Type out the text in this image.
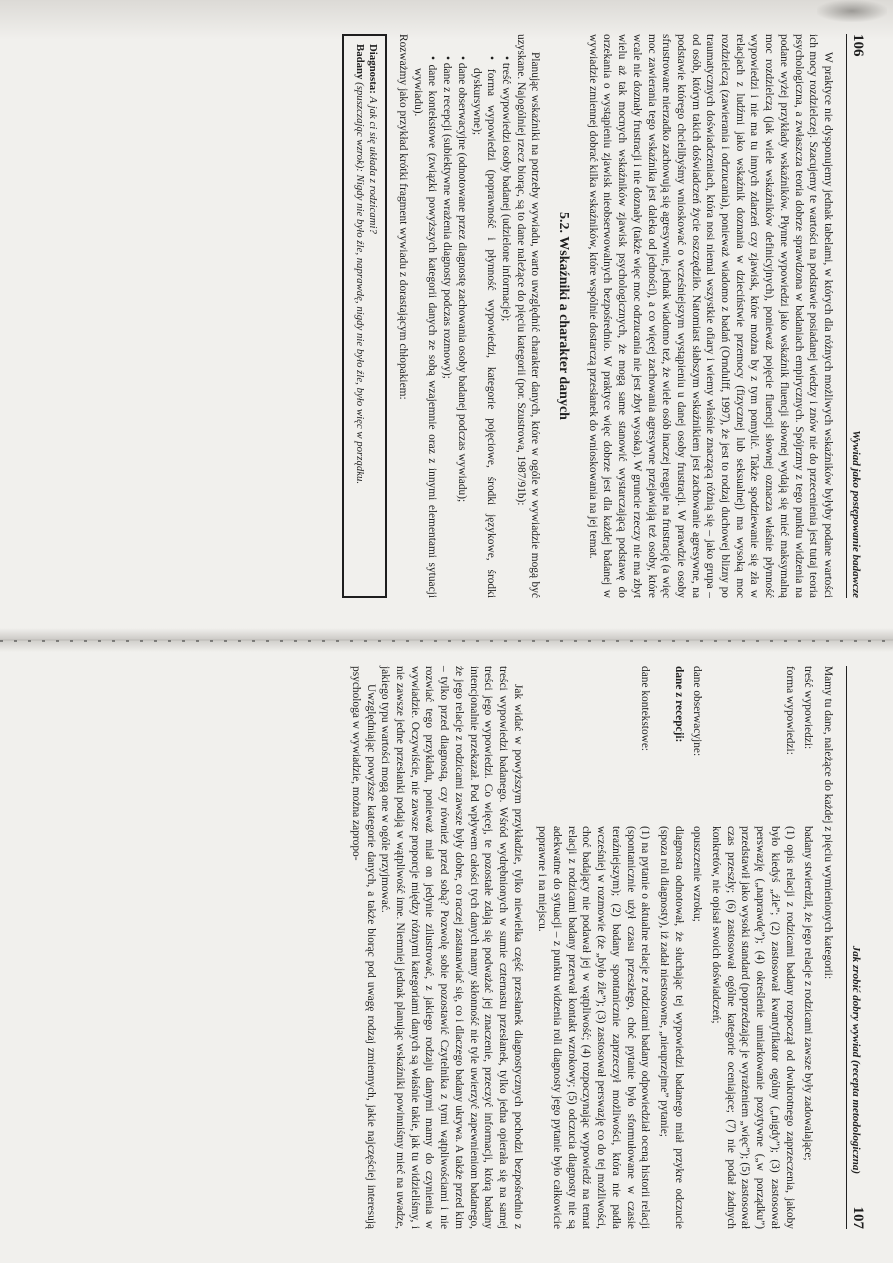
106
Wywiad jako postępowanie badawcze

W praktyce nie dysponujemy jednak tabelami, w których dla różnych możliwych wskaźników byłyby podane wartości ich mocy rozdzielczej. Szacujemy te wartości na podstawie posiadanej wiedzy i znów nie do przecenienia jest tutaj teoria psychologiczna, a zwłaszcza teoria dobrze sprawdzona w badaniach empirycznych. Spójrzmy z tego punktu widzenia na podane wyżej przykłady wskaźników. Płynne wypowiedzi jako wskaźnik fluencji słownej wydają się mieć maksymalną moc rozdzielczą (jak wiele wskaźników definicyjnych), ponieważ pojęcie fluencji słownej oznacza właśnie płynność wypowiedzi i nie ma tu innych zdarzeń czy zjawisk, które można by z tym pomylić. Także spodziewanie się zła w relacjach z ludźmi jako wskaźnik doznania w dzieciństwie przemocy (fizycznej lub seksualnej) ma wysoką moc rozdzielczą (zawierania i odrzucania), ponieważ wiadomo z badań (Orndulff, 1997), że jest to rodzaj duchowej blizny po traumatycznych doświadczeniach, która nosi niemal wszystkie ofiary i wiemy właśnie znaczącą różnią się – jako grupa – od osób, którym takich doświadczeń życie oszczędziło. Natomiast słabszym wskaźnikiem jest zachowanie agresywne, na podstawie którego chcielibyśmy wnioskować o wcześniejszym wystąpieniu u danej osoby frustracji. W prawdzie osoby sfrustrowane nierzadko zachowują się agresywnie, jednak wiadomo też, że wiele osób inaczej reaguje na frustrację (a więc moc zawierania tego wskaźnika jest daleka od jedności), a co więcej zachowania agresywne przejawiają też osoby, które wcale nie doznały frustracji i nie doznały (także więc moc odrzucania nie jest zbyt wysoka). W gruncie rzeczy nie ma zbyt wielu aż tak mocnych wskaźników zjawisk psychologicznych, że mogą same stanowić wystarczającą podstawę do orzekania o wystąpieniu zjawisk nieobserwowalnych bezpośrednio. W praktyce więc dobrze jest dla każdej badanej w wywiadzie zmiennej dobrać kilka wskaźników, które wspólnie dostarczą przesłanek do wnioskowania na jej temat.

5.2. Wskaźniki a charakter danych

Planując wskaźniki na potrzeby wywiadu, warto uwzględnić charakter danych, które w ogóle w wywiadzie mogą być uzyskane. Najogólniej rzecz biorąc, są to dane należące do pięciu kategorii (por. Szustrowa, 1987/91b):

• treść wypowiedzi osoby badanej (udzielone informacje);
• forma wypowiedzi (poprawność i płynność wypowiedzi, kategorie pojęciowe, środki językowe, środki dyskursywne);
• dane obserwacyjne (odnotowane przez diagnostę zachowania osoby badanej podczas wywiadu);
• dane z recepcji (subiektywne wrażenia diagnosty podczas rozmowy);
• dane kontekstowe (związki powyższych kategorii danych ze sobą wzajemnie oraz z innymi elementami sytuacji wywiadu).

Rozważmy jako przykład krótki fragment wywiadu z dorastającym chłopakiem:

Diagnosta: A jak ci się układa z rodzicami?

Badany (spuszczając wzrok): Nigdy nie było źle, naprawdę, nigdy nie było źle, było więc w porządku.

Jak zrobić dobry wywiad (recepta metodologiczna)
107

Mamy tu dane, należące do każdej z pięciu wymienionych kategorii:

treść wypowiedzi:	badany stwierdził, że jego relacje z rodzicami zawsze były zadowalające;
forma wypowiedzi:	(1) opis relacji z rodzicami badany rozpoczął od dwukrotnego zaprzeczenia, jakoby było kiedyś „źle”; (2) zastosował kwantyfikator ogólny („nigdy”); (3) zastosował perswazję („naprawdę”); (4) określenie umiarkowanie pozytywne („w porządku”) przedstawił jako wysoki standard (poprzedzając je wyrażeniem „więc”); (5) zastosował czas przeszły; (6) zastosował ogólne kategorie oceniające; (7) nie podał żadnych konkretów, nie opisał swoich doświadczeń;
dane obserwacyjne:	opuszczenie wzroku;
dane z recepcji:	diagnosta odnotował, że słuchając tej wypowiedzi badanego miał przykre odczucie (spoza roli diagnosty), iż zadał niestosowne, „nieuprzejme” pytanie;
dane kontekstowe:	(1) na pytanie o aktualne relacje z rodzicami badany odpowiedział oceną historii relacji (spontanicznie użył czasu przeszłego, choć pytanie było sformułowane w czasie teraźniejszym); (2) badany spontanicznie zaprzeczył możliwości, która nie padła wcześniej w rozmowie (że „było źle”); (3) zastosował perswazję co do tej możliwości, choć badający nie podawał jej w wątpliwość; (4) rozpoczynając wypowiedź na temat relacji z rodzicami badany przerwał kontakt wzrokowy; (5) odczucia diagnosty nie są adekwatne do sytuacji – z punktu widzenia roli diagnosty jego pytanie było całkowicie poprawne i na miejscu.

Jak widać w powyższym przykładzie, tylko niewielka część przesłanek diagnostycznych pochodzi bezpośrednio z treści wypowiedzi badanego. Wśród wydrębnionych w sumie czternastu przesłanek, tylko jedna opierała się na samej treści jego wypowiedzi. Co więcej, te pozostałe zdają się podważać jej znaczenie, przeczyć informacji, którą badany intencjonalnie przekazał. Pod wpływem całości tych danych mamy skłonność nie tyle uwierzyć zapewnieniom badanego, że jego relacje z rodzicami zawsze były dobre, co raczej zastanawiać się, co i dlaczego badany ukrywa. A także przed kim – tylko przed diagnostą, czy również przed sobą? Pozwolę sobie pozostawić Czytelnika z tymi wątpliwościami i nie rozwiać tego przykładu, ponieważ miał on jedynie zilustrować, z jakiego rodzaju danymi mamy do czynienia w wywiadzie. Oczywiście, nie zawsze proporcje między różnymi kategoriami danych są właśnie takie, jak tu widzieliśmy, i nie zawsze jedne przesłanki podają w wątpliwość inne. Niemniej jednak planując wskaźniki powinniśmy mieć na uwadze, jakiego typu wartości mogą one w ogóle przyjmować.

Uwzględniając powyższe kategorie danych, a także biorąc pod uwagę rodzaj zmiennych, jakie najczęściej interesują psychologa w wywiadzie, można zapropo-
